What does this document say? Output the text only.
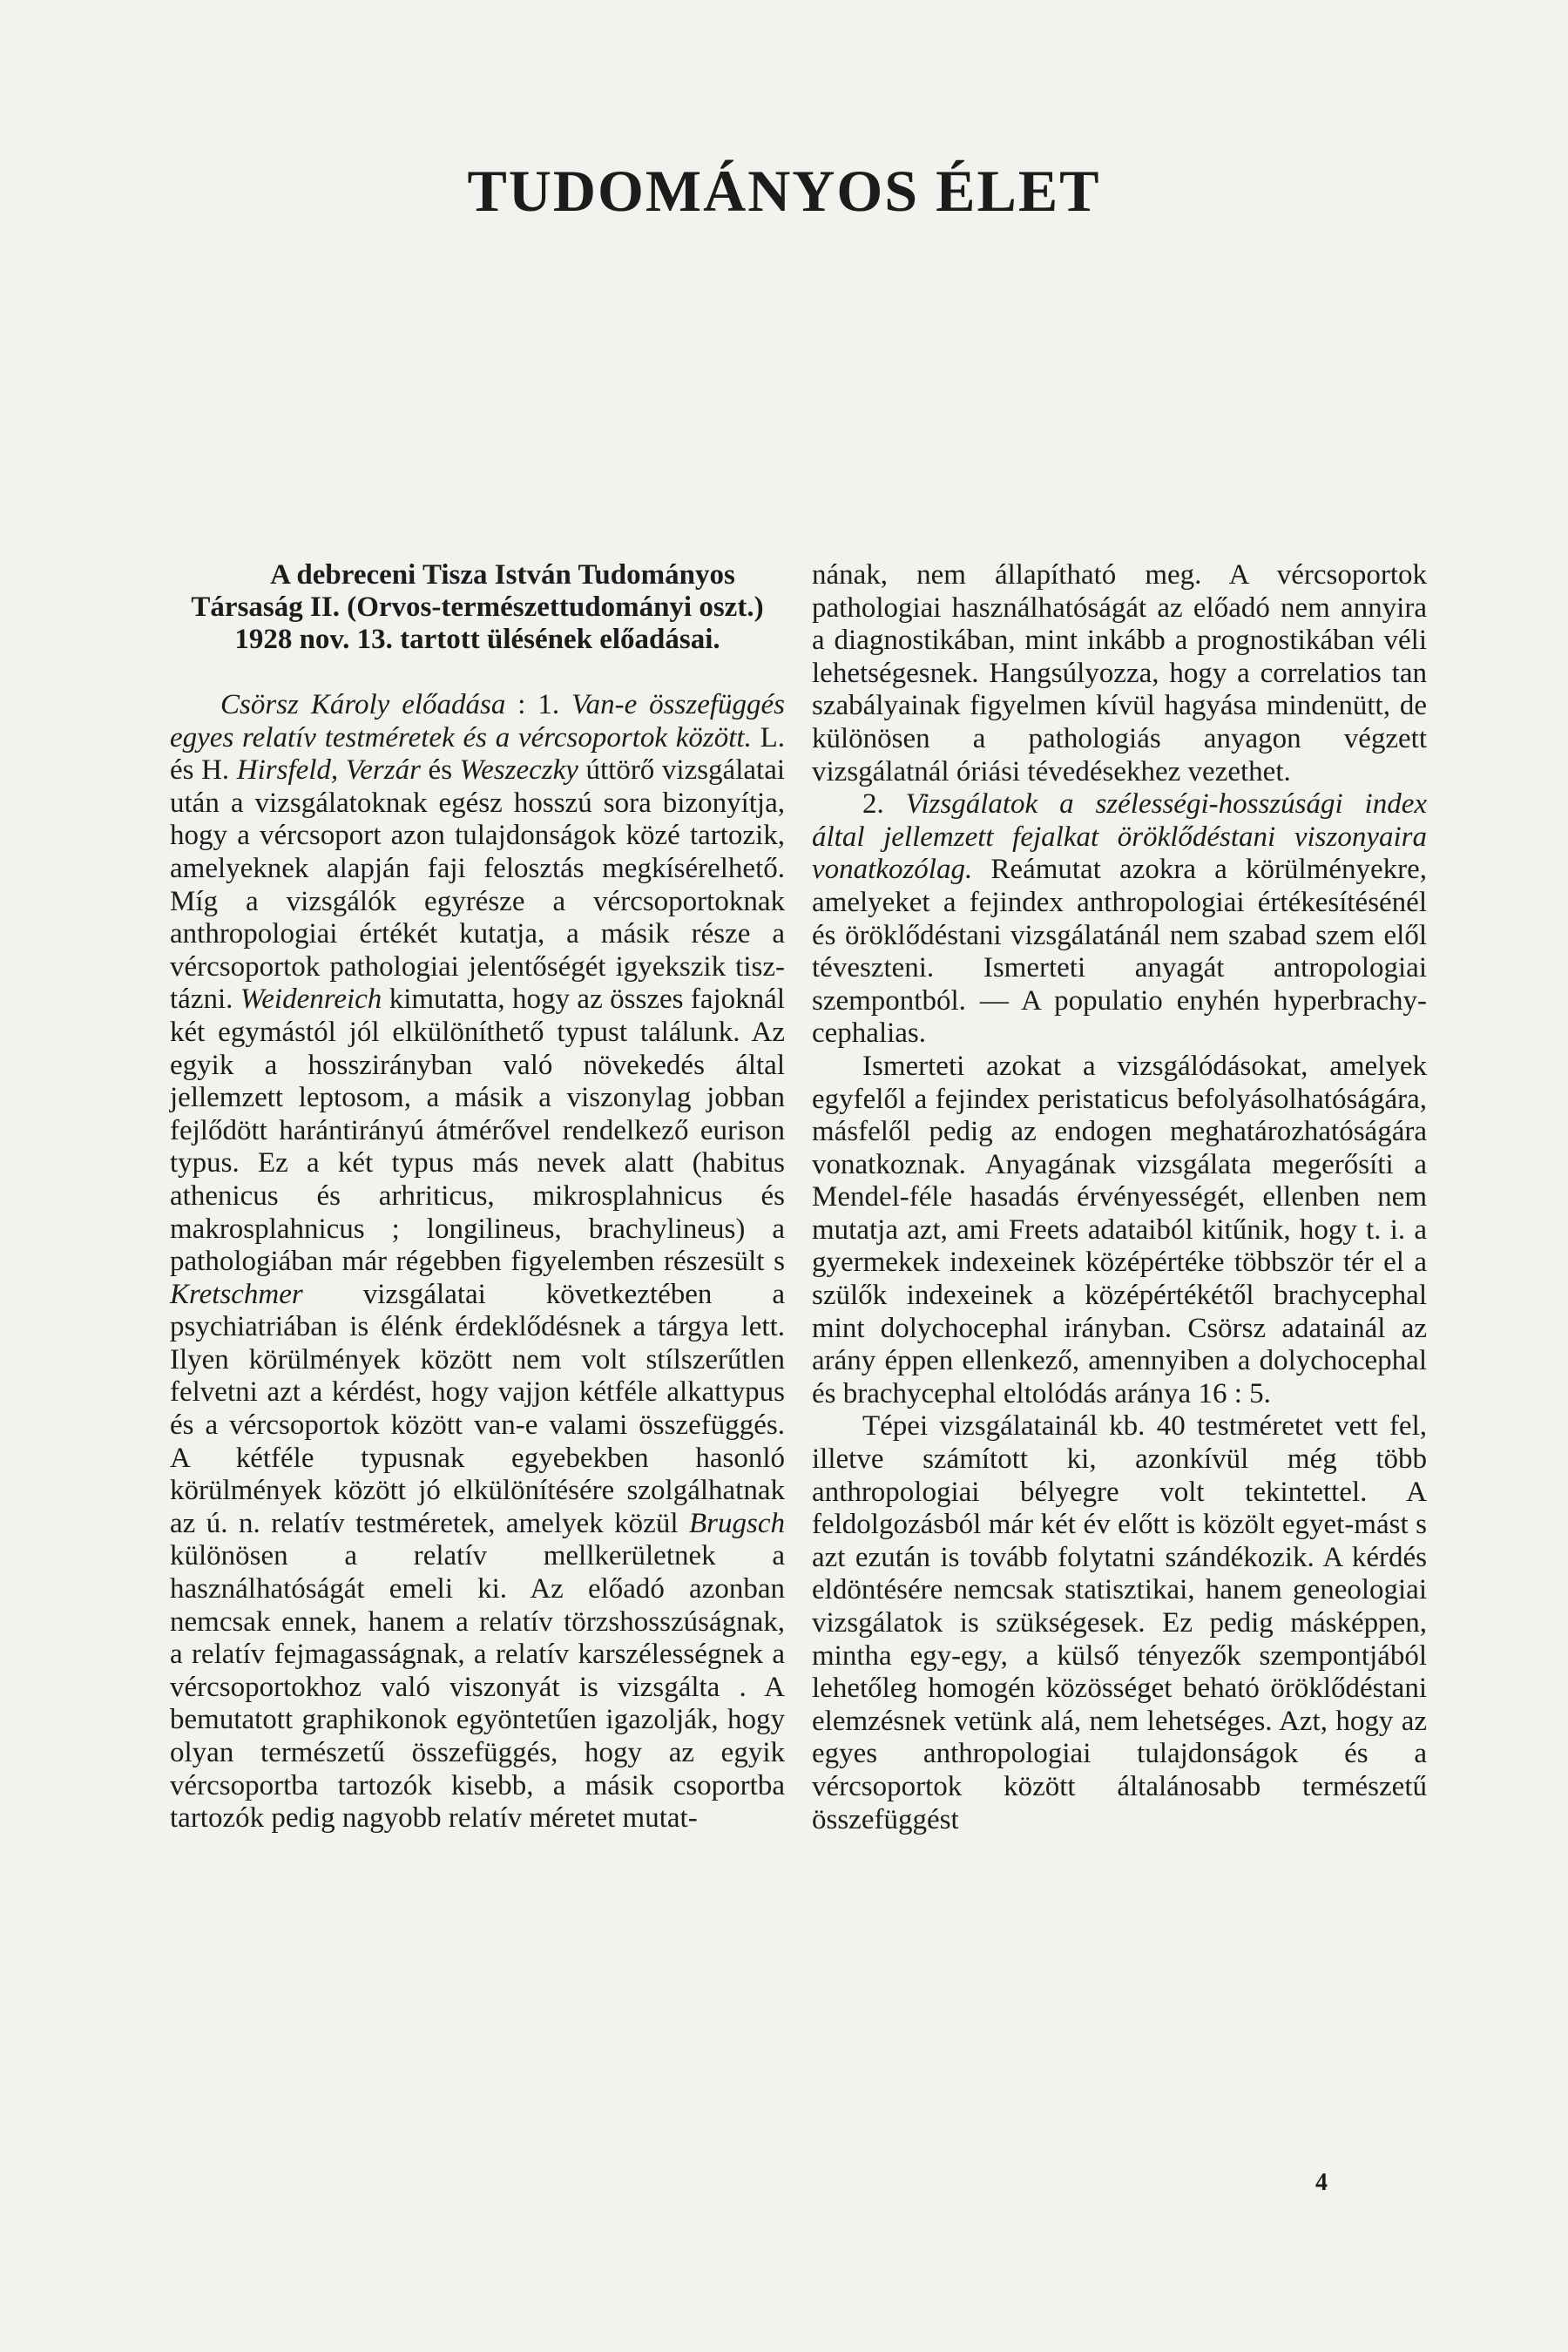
TUDOMÁNYOS ÉLET

A debreceni Tisza István Tudományos Társaság II. (Orvos-természettudományi oszt.) 1928 nov. 13. tartott ülésének előadásai.

Csörsz Károly előadása : 1. Van-e összefüggés egyes relatív testméretek és a vércsoportok között. L. és H. Hirsfeld, Verzár és Weszeczky úttörő vizsgálatai után a vizsgálatoknak egész hosszú sora bizonyítja, hogy a vércsoport azon tulajdonságok közé tartozik, amelyeknek alapján faji felosztás megkísérelhető. Míg a vizsgálók egyrésze a vércsoportoknak anthropologiai értékét kutatja, a másik része a vércsoportok pathologiai jelentőségét igyekszik tisztázni. Weidenreich kimutatta, hogy az összes fajoknál két egymástól jól elkülöníthető typust találunk. Az egyik a hosszirányban való növekedés által jellemzett leptosom, a másik a viszonylag jobban fejlődött harántirányú átmérővel rendelkező eurison typus. Ez a két typus más nevek alatt (habitus athenicus és arhriticus, mikrosplahnicus és makrosplahnicus ; longilineus, brachylineus) a pathologiában már régebben figyelemben részesült s Kretschmer vizsgálatai következtében a psychiatriában is élénk érdeklődésnek a tárgya lett. Ilyen körülmények között nem volt stílszerűtlen felvetni azt a kérdést, hogy vajjon kétféle alkattypus és a vércsoportok között van-e valami összefüggés. A kétféle typusnak egyebekben hasonló körülmények között jó elkülönítésére szolgálhatnak az ú. n. relatív testméretek, amelyek közül Brugsch különösen a relatív mellkerületnek a használhatóságát emeli ki. Az előadó azonban nemcsak ennek, hanem a relatív törzshosszúságnak, a relatív fejmagasságnak, a relatív karszélességnek a vércsoportokhoz való viszonyát is vizsgálta . A bemutatott graphikonok egyöntetűen igazolják, hogy olyan természetű összefüggés, hogy az egyik vércsoportba tartozók kisebb, a másik csoportba tartozók pedig nagyobb relatív méretet mutat-

nának, nem állapítható meg. A vércsoportok pathologiai használhatóságát az előadó nem annyira a diagnostikában, mint inkább a prognostikában véli lehetségesnek. Hangsúlyozza, hogy a correlatios tan szabályainak figyelmen kívül hagyása mindenütt, de különösen a pathologiás anyagon végzett vizsgálatnál óriási tévedésekhez vezethet.

2. Vizsgálatok a szélességi-hosszúsági index által jellemzett fejalkat öröklődéstani viszonyaira vonatkozólag. Reámutat azokra a körülményekre, amelyeket a fejindex anthropologiai értékesítésénél és öröklődéstani vizsgálatánál nem szabad szem elől téveszteni. Ismerteti anyagát antropologiai szempontból. — A populatio enyhén hyperbrachycephalias.

Ismerteti azokat a vizsgálódásokat, amelyek egyfelől a fejindex peristaticus befolyásolhatóságára, másfelől pedig az endogen meghatározhatóságára vonatkoznak. Anyagának vizsgálata megerősíti a Mendel-féle hasadás érvényességét, ellenben nem mutatja azt, ami Freets adataiból kitűnik, hogy t. i. a gyermekek indexeinek középértéke többször tér el a szülők indexeinek a középértékétől brachycephal mint dolychocephal irányban. Csörsz adatainál az arány éppen ellenkező, amennyiben a dolychocephal és brachycephal eltolódás aránya 16 : 5.

Tépei vizsgálatainál kb. 40 testméretet vett fel, illetve számított ki, azonkívül még több anthropologiai bélyegre volt tekintettel. A feldolgozásból már két év előtt is közölt egyet-mást s azt ezután is tovább folytatni szándékozik. A kérdés eldöntésére nemcsak statisztikai, hanem geneologiai vizsgálatok is szükségesek. Ez pedig másképpen, mintha egy-egy, a külső tényezők szempontjából lehetőleg homogén közösséget behatό öröklődéstani elemzésnek vetünk alá, nem lehetséges. Azt, hogy az egyes anthropologiai tulajdonságok és a vércsoportok között általánosabb természetű összefüggést

4
